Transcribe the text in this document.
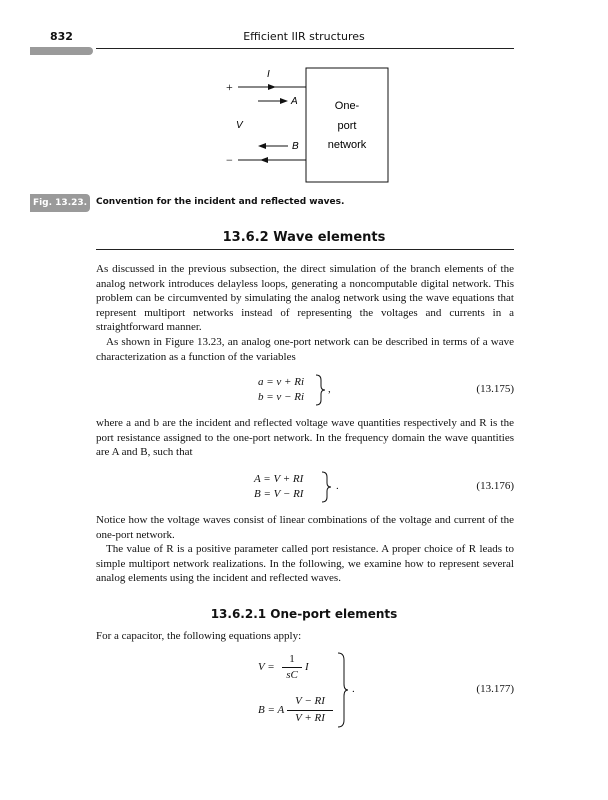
832	Efficient IIR structures
+
−
I
A
B
V
One-
port
network
Fig. 13.23. Convention for the incident and reflected waves.
13.6.2 Wave elements

As discussed in the previous subsection, the direct simulation of the branch elements of the analog network introduces delayless loops, generating a noncomputable digital network. This problem can be circumvented by simulating the analog network using the wave equations that represent multiport networks instead of representing the voltages and currents in a straightforward manner.

As shown in Figure 13.23, an analog one-port network can be described in terms of a wave characterization as a function of the variables

a = v + Ri
b = v − Ri
,	(13.175)

where a and b are the incident and reflected voltage wave quantities respectively and R is the port resistance assigned to the one-port network. In the frequency domain the wave quantities are A and B, such that

A = V + RI
B = V − RI
.	(13.176)

Notice how the voltage waves consist of linear combinations of the voltage and current of the one-port network.

The value of R is a positive parameter called port resistance. A proper choice of R leads to simple multiport network realizations. In the following, we examine how to represent several analog elements using the incident and reflected waves.

13.6.2.1 One-port elements

For a capacitor, the following equations apply:

V =
1
sC
I
B = A
V − RI
V + RI
.	(13.177)
